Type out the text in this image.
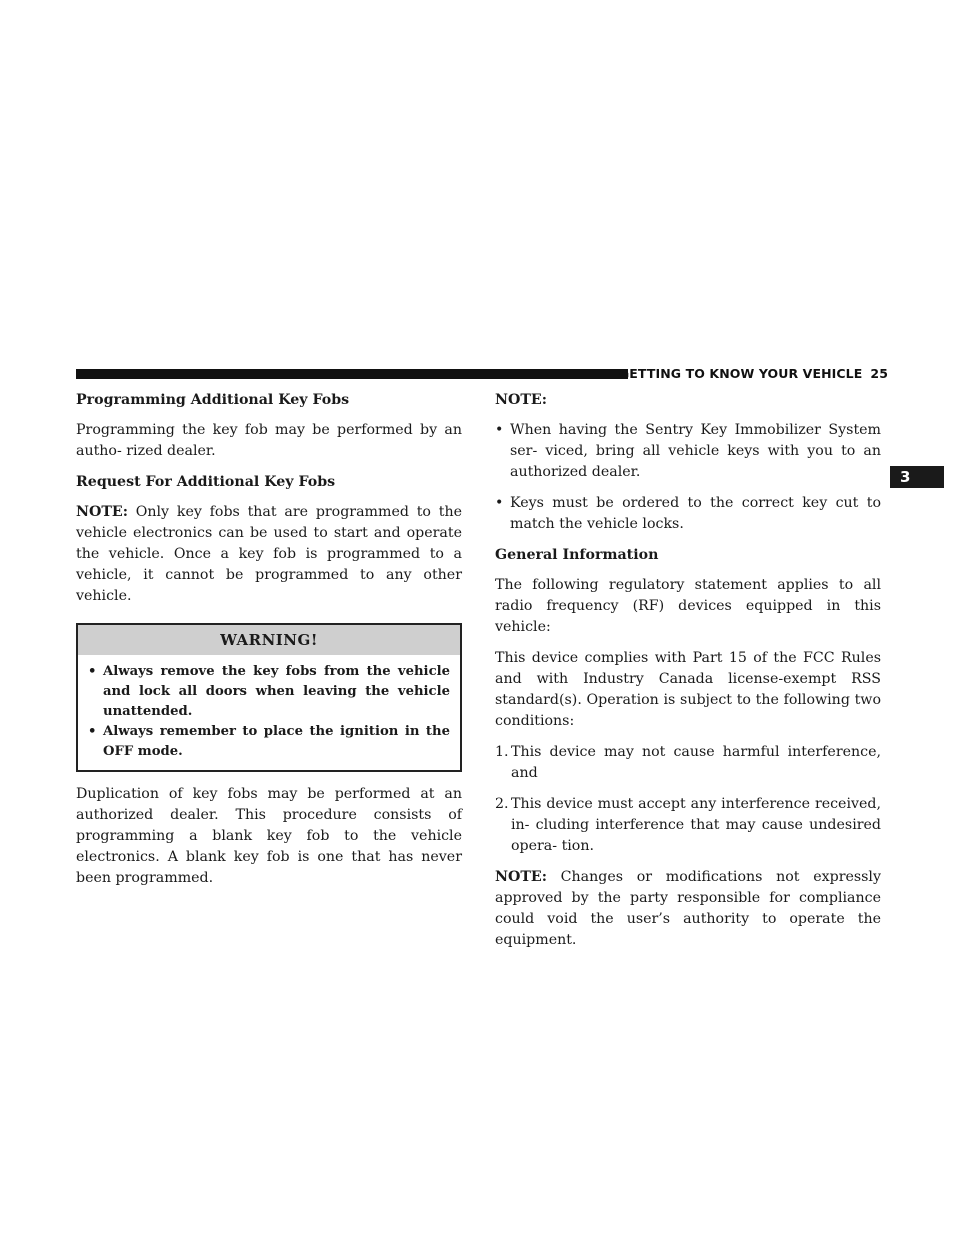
GETTING TO KNOW YOUR VEHICLE 25
3
Programming Additional Key Fobs

Programming the key fob may be performed by an autho- rized dealer.

Request For Additional Key Fobs

NOTE: Only key fobs that are programmed to the vehicle electronics can be used to start and operate the vehicle. Once a key fob is programmed to a vehicle, it cannot be programmed to any other vehicle.

WARNING!
• Always remove the key fobs from the vehicle and lock all doors when leaving the vehicle unattended.
• Always remember to place the ignition in the OFF mode.

Duplication of key fobs may be performed at an authorized dealer. This procedure consists of programming a blank key fob to the vehicle electronics. A blank key fob is one that has never been programmed.

NOTE:
• When having the Sentry Key Immobilizer System ser- viced, bring all vehicle keys with you to an authorized dealer.
• Keys must be ordered to the correct key cut to match the vehicle locks.
General Information

The following regulatory statement applies to all radio frequency (RF) devices equipped in this vehicle:

This device complies with Part 15 of the FCC Rules and with Industry Canada license-exempt RSS standard(s). Operation is subject to the following two conditions:

1. This device may not cause harmful interference, and
2. This device must accept any interference received, in- cluding interference that may cause undesired opera- tion.

NOTE: Changes or modifications not expressly approved by the party responsible for compliance could void the user’s authority to operate the equipment.
